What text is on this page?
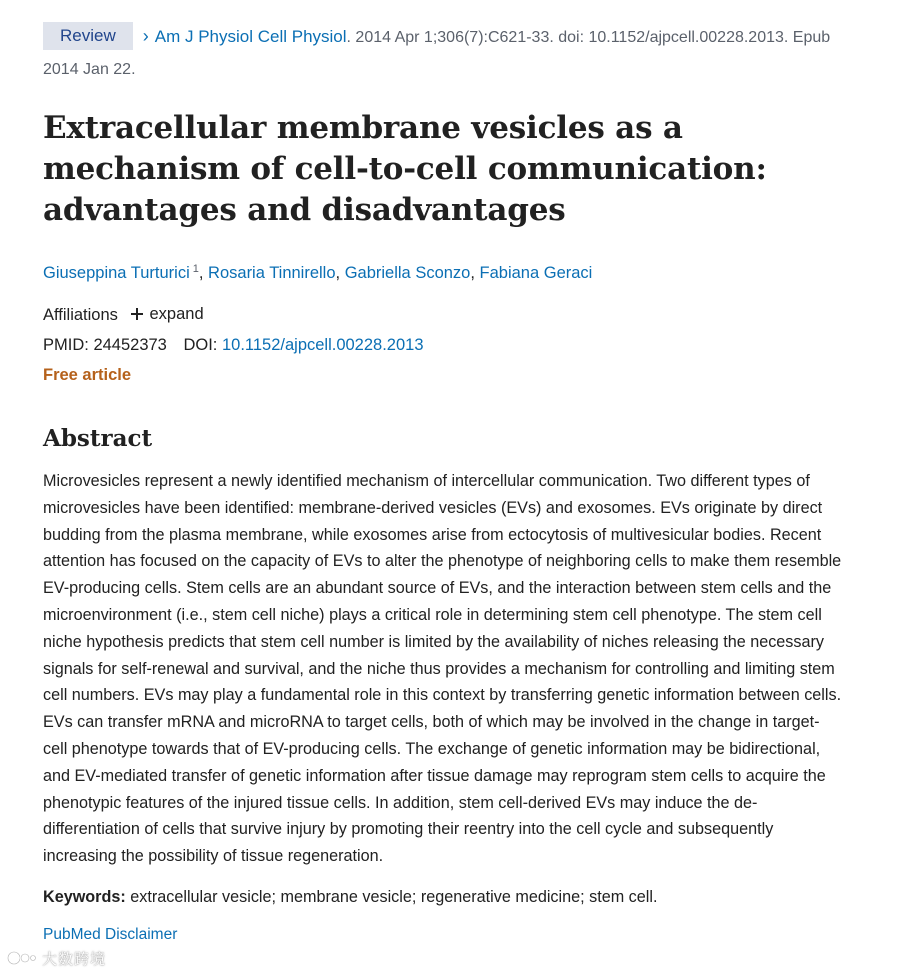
Review › Am J Physiol Cell Physiol. 2014 Apr 1;306(7):C621-33. doi: 10.1152/ajpcell.00228.2013. Epub 2014 Jan 22.
Extracellular membrane vesicles as a mechanism of cell-to-cell communication: advantages and disadvantages
Giuseppina Turturici $^1$, Rosaria Tinnirello, Gabriella Sconzo, Fabiana Geraci
Affiliations expand
PMID: 24452373 DOI: 10.1152/ajpcell.00228.2013
Free article
Abstract
Microvesicles represent a newly identified mechanism of intercellular communication. Two different types of microvesicles have been identified: membrane-derived vesicles (EVs) and exosomes. EVs originate by direct budding from the plasma membrane, while exosomes arise from ectocytosis of multivesicular bodies. Recent attention has focused on the capacity of EVs to alter the phenotype of neighboring cells to make them resemble EV-producing cells. Stem cells are an abundant source of EVs, and the interaction between stem cells and the microenvironment (i.e., stem cell niche) plays a critical role in determining stem cell phenotype. The stem cell niche hypothesis predicts that stem cell number is limited by the availability of niches releasing the necessary signals for self-renewal and survival, and the niche thus provides a mechanism for controlling and limiting stem cell numbers. EVs may play a fundamental role in this context by transferring genetic information between cells. EVs can transfer mRNA and microRNA to target cells, both of which may be involved in the change in target-cell phenotype towards that of EV-producing cells. The exchange of genetic information may be bidirectional, and EV-mediated transfer of genetic information after tissue damage may reprogram stem cells to acquire the phenotypic features of the injured tissue cells. In addition, stem cell-derived EVs may induce the de-differentiation of cells that survive injury by promoting their reentry into the cell cycle and subsequently increasing the possibility of tissue regeneration.
Keywords: extracellular vesicle; membrane vesicle; regenerative medicine; stem cell.
PubMed Disclaimer
大数跨境
